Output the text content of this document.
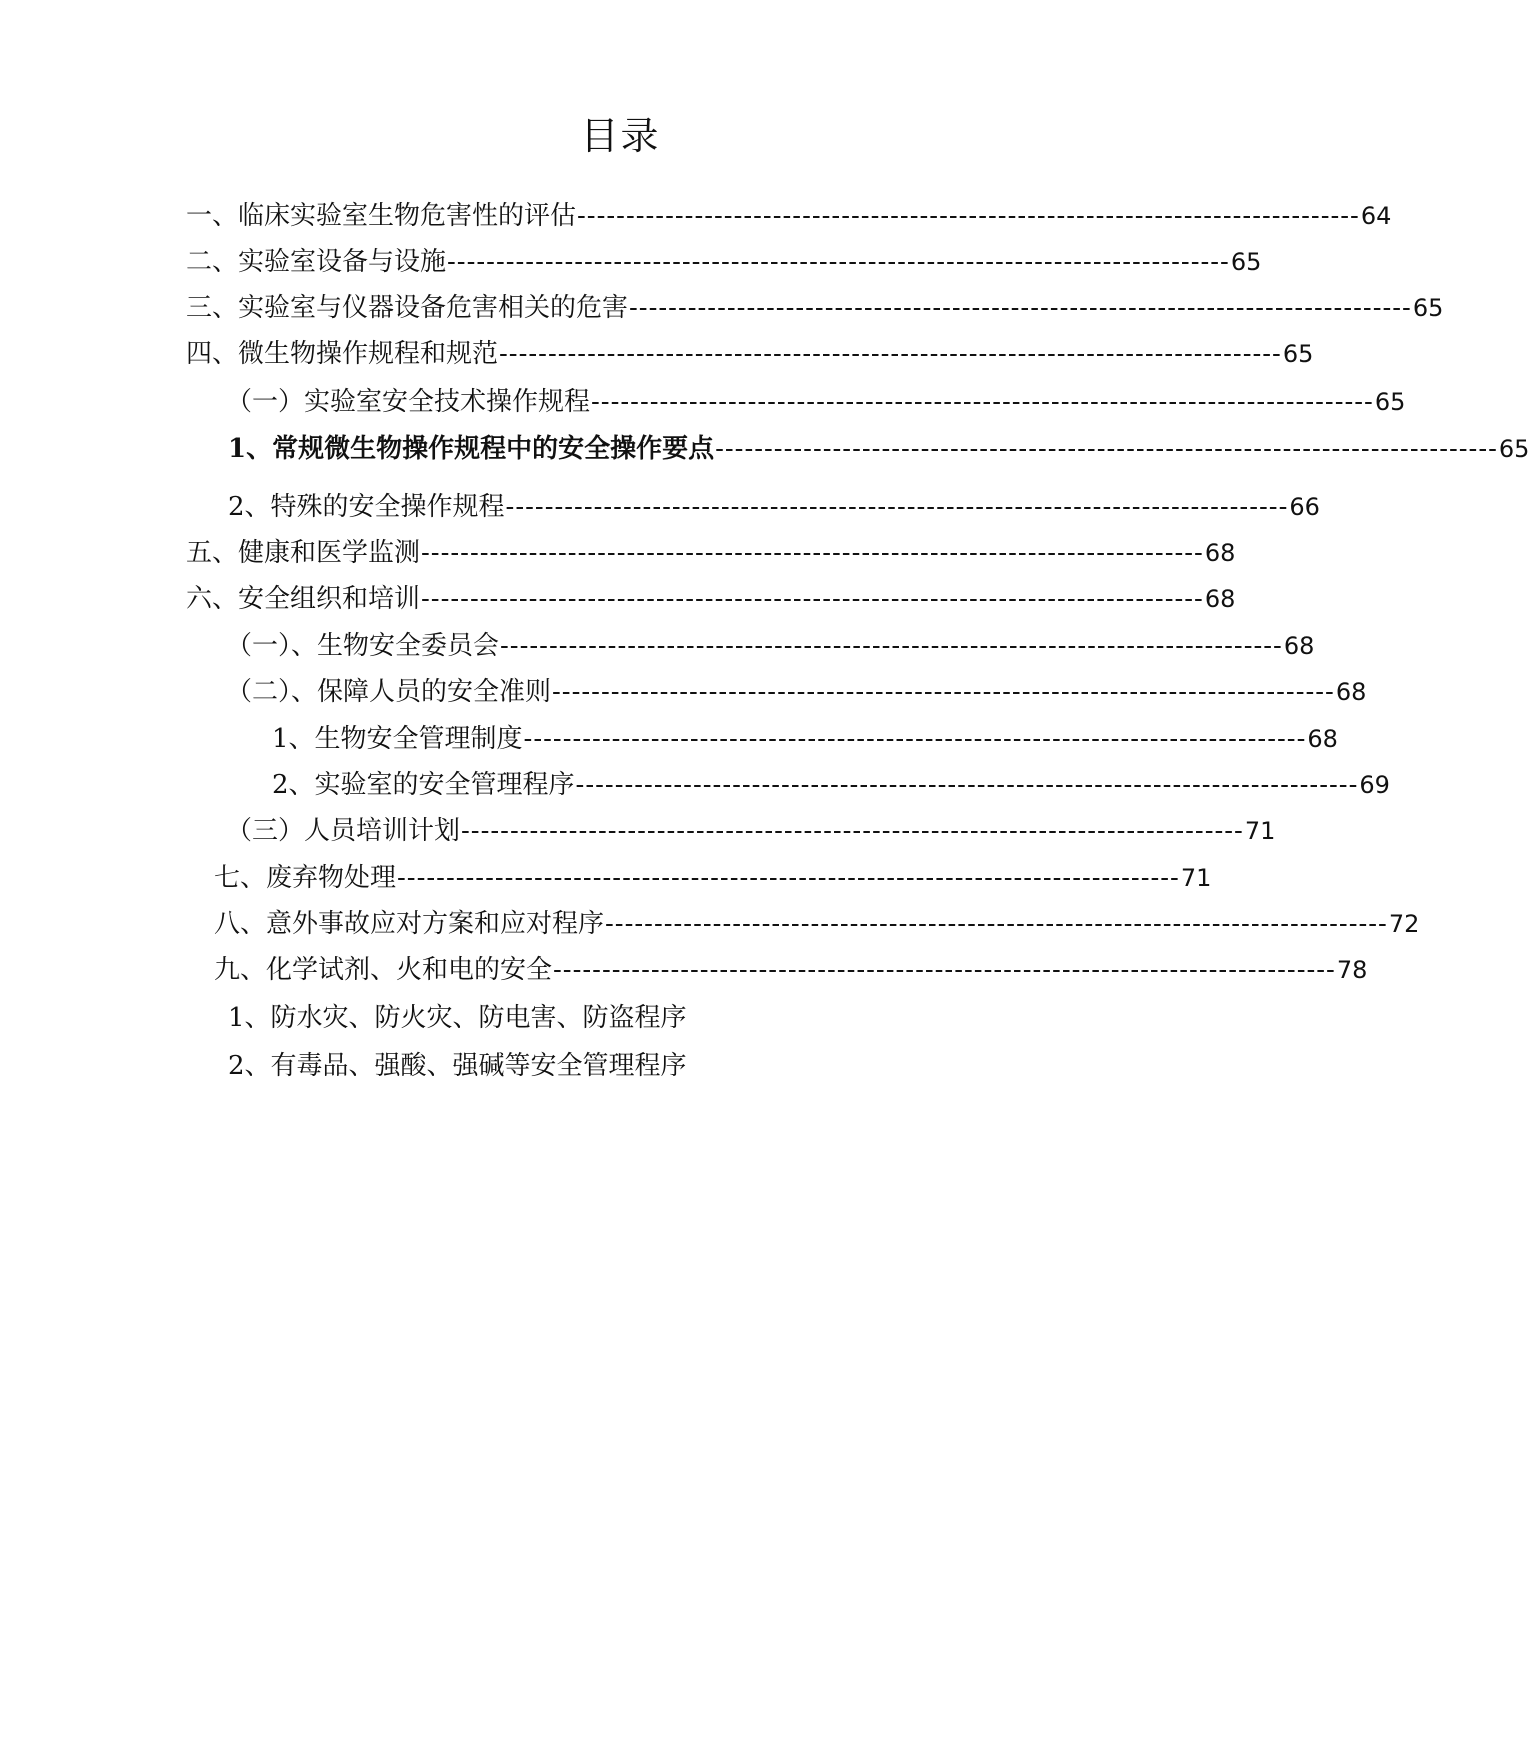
目录
一、临床实验室生物危害性的评估 -------------------------------------------------------------------------------- 64
二、实验室设备与设施 -------------------------------------------------------------------------------- 65
三、实验室与仪器设备危害相关的危害 -------------------------------------------------------------------------------- 65
四、微生物操作规程和规范 -------------------------------------------------------------------------------- 65
（一）实验室安全技术操作规程 -------------------------------------------------------------------------------- 65
1、常规微生物操作规程中的安全操作要点 -------------------------------------------------------------------------------- 65
2、特殊的安全操作规程 -------------------------------------------------------------------------------- 66
五、健康和医学监测 -------------------------------------------------------------------------------- 68
六、安全组织和培训 -------------------------------------------------------------------------------- 68
（一）、生物安全委员会 -------------------------------------------------------------------------------- 68
（二）、保障人员的安全准则 -------------------------------------------------------------------------------- 68
1、生物安全管理制度 -------------------------------------------------------------------------------- 68
2、实验室的安全管理程序 -------------------------------------------------------------------------------- 69
（三）人员培训计划 -------------------------------------------------------------------------------- 71
七、废弃物处理 -------------------------------------------------------------------------------- 71
八、意外事故应对方案和应对程序 -------------------------------------------------------------------------------- 72
九、化学试剂、火和电的安全 -------------------------------------------------------------------------------- 78
1、防水灾、防火灾、防电害、防盗程序
2、有毒品、强酸、强碱等安全管理程序
